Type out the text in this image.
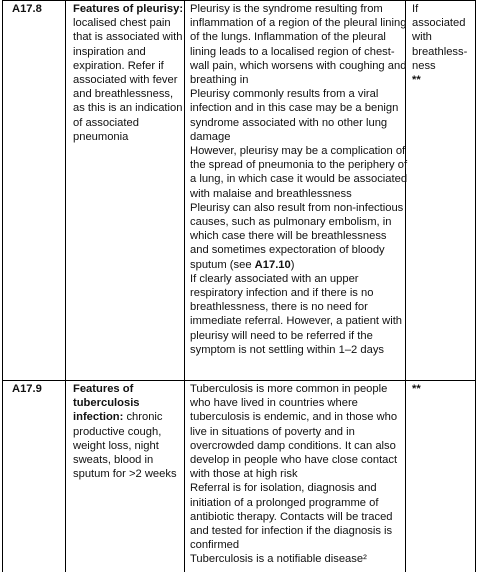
A17.8	Features of pleurisy: localised chest pain that is associated with inspiration and expiration. Refer if associated with fever and breathlessness, as this is an indication of associated pneumonia

Pleurisy is the syndrome resulting from inflammation of a region of the pleural lining of the lungs. Inflammation of the pleural lining leads to a localised region of chest-wall pain, which worsens with coughing and breathing in

Pleurisy commonly results from a viral infection and in this case may be a benign syndrome associated with no other lung damage

However, pleurisy may be a complication of the spread of pneumonia to the periphery of a lung, in which case it would be associated with malaise and breathlessness

Pleurisy can also result from non-infectious causes, such as pulmonary embolism, in which case there will be breathlessness and sometimes expectoration of bloody sputum (see A17.10)

If clearly associated with an upper respiratory infection and if there is no breathlessness, there is no need for immediate referral. However, a patient with pleurisy will need to be referred if the symptom is not settling within 1–2 days

If associated with breathless-ness
**
A17.9	Features of tuberculosis infection: chronic productive cough, weight loss, night sweats, blood in sputum for >2 weeks

Tuberculosis is more common in people who have lived in countries where tuberculosis is endemic, and in those who live in situations of poverty and in overcrowded damp conditions. It can also develop in people who have close contact with those at high risk

Referral is for isolation, diagnosis and initiation of a prolonged programme of antibiotic therapy. Contacts will be traced and tested for infection if the diagnosis is confirmed

Tuberculosis is a notifiable disease²

**
